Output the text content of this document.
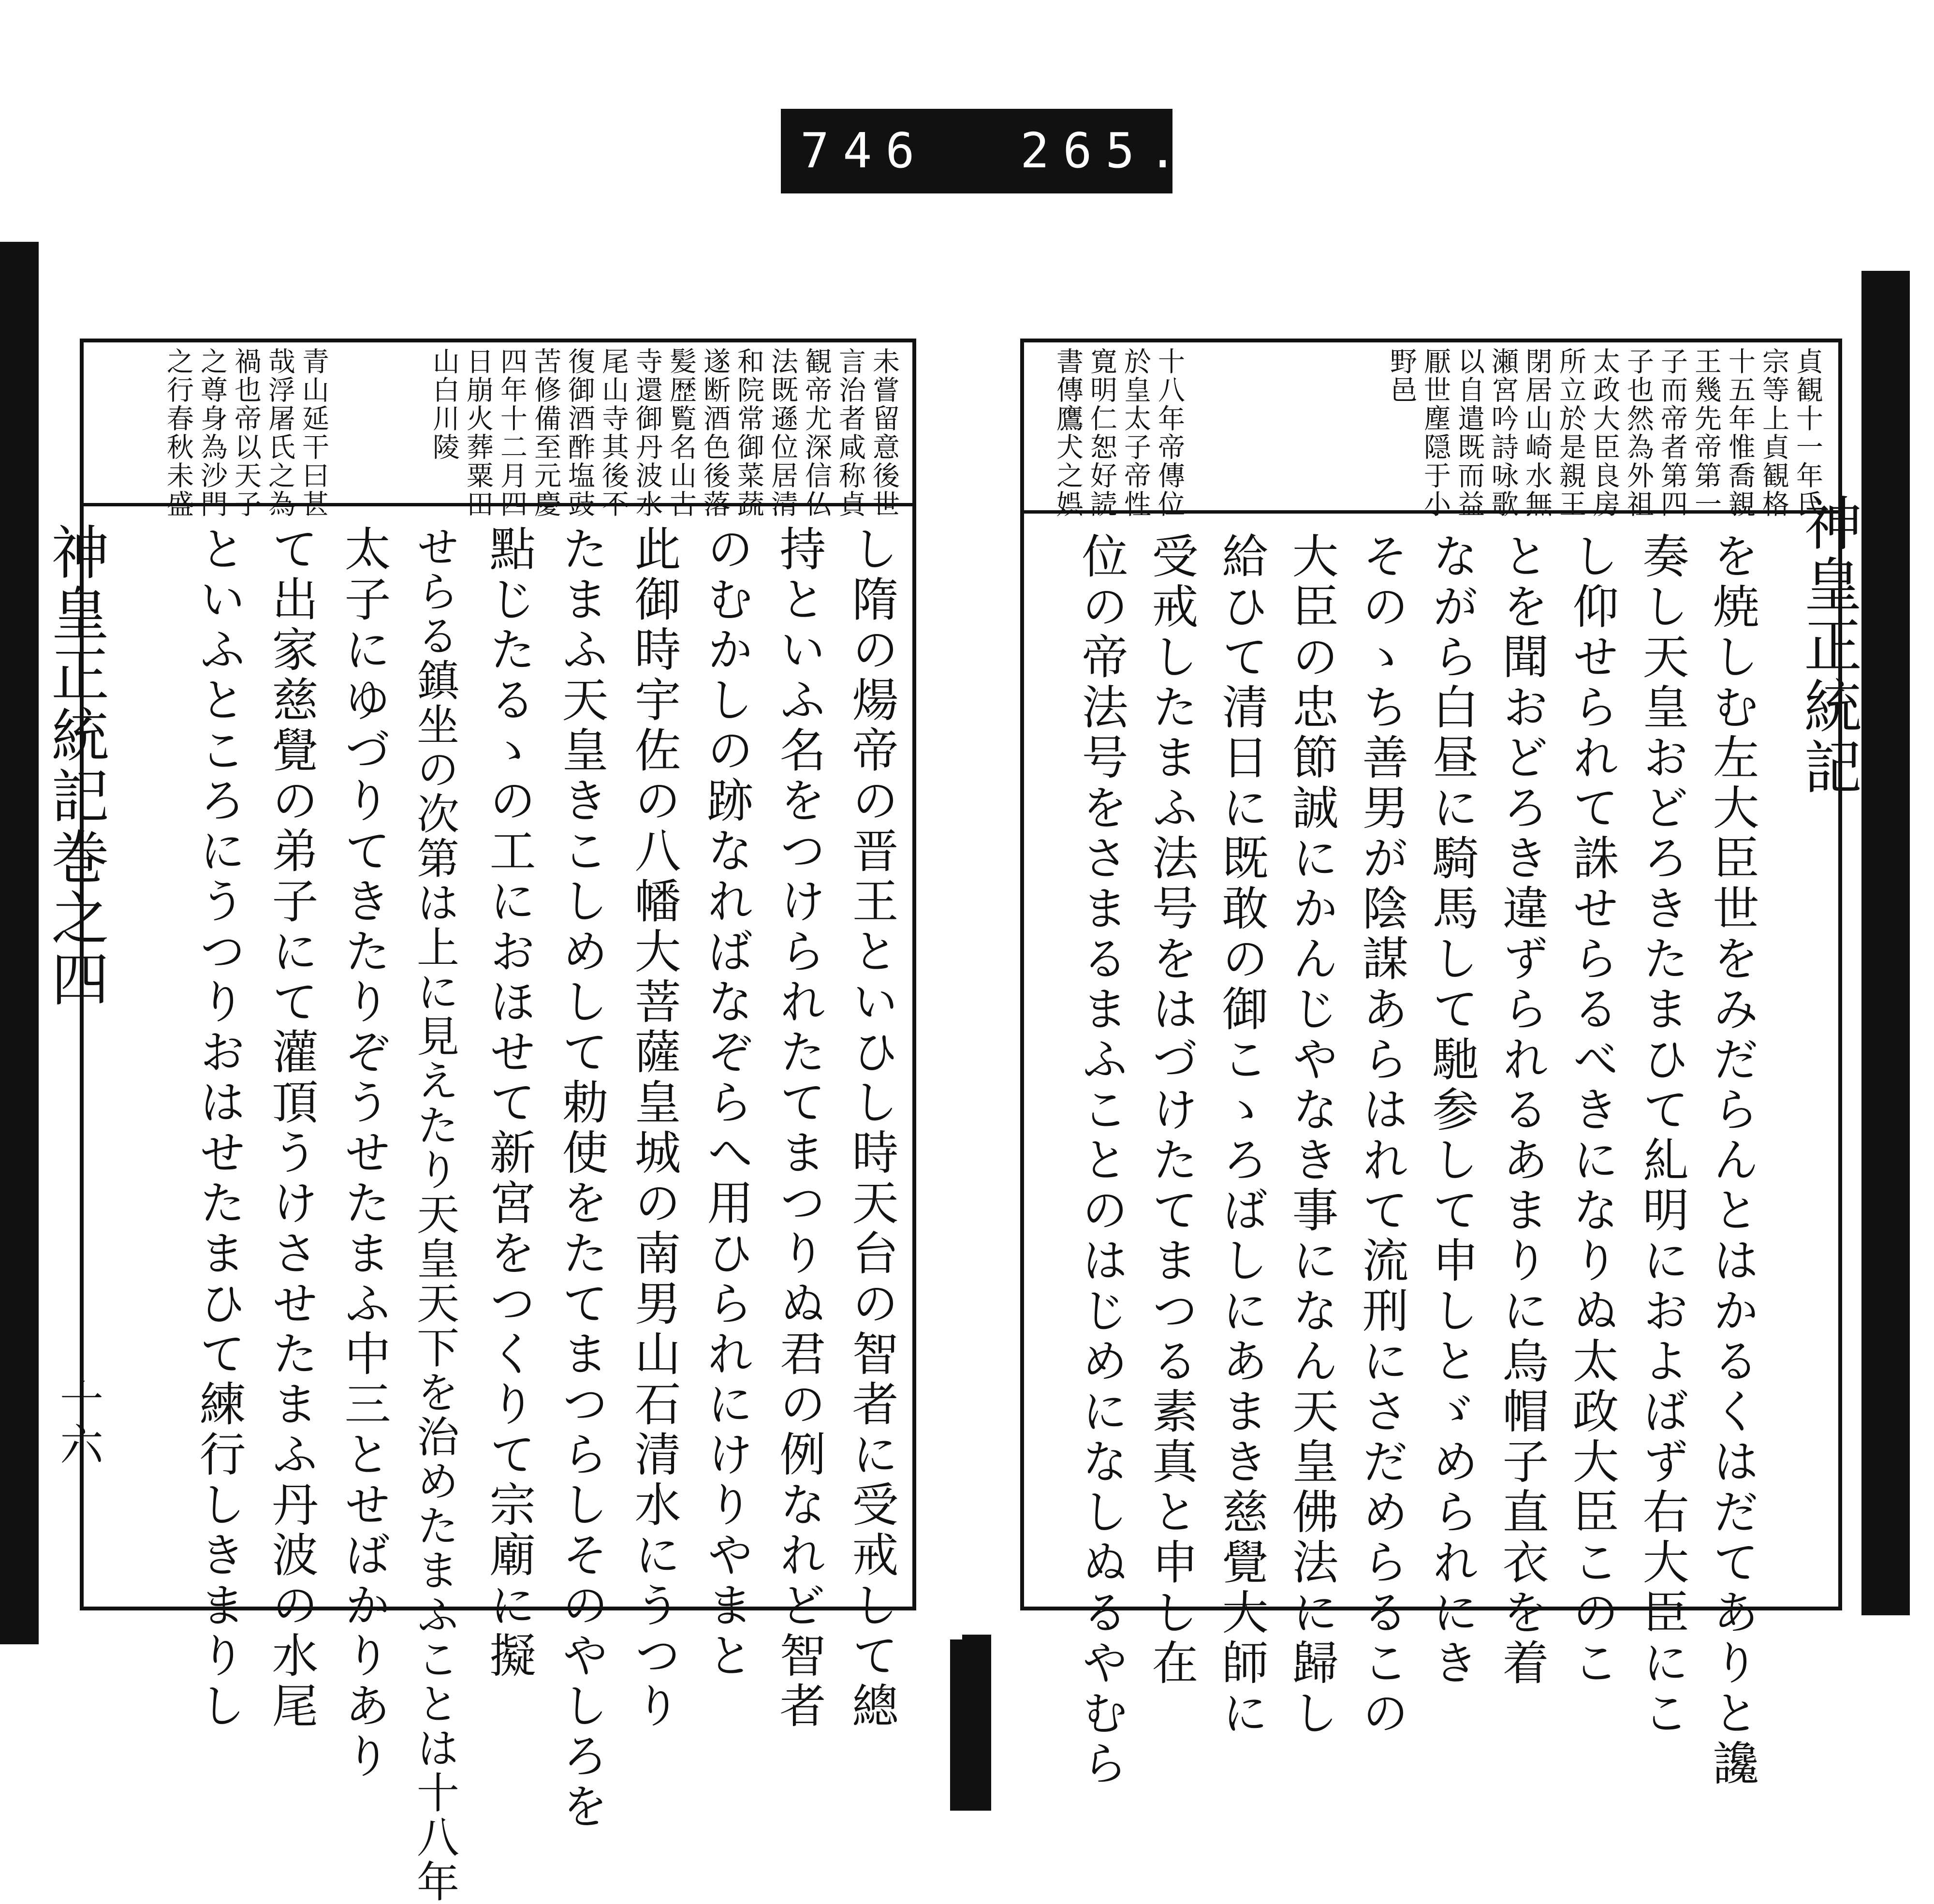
746 265.
神皇正統記
貞観十一年氏
宗等上貞観格
十五年惟喬親
王幾先帝第一
子而帝者第四
子也然為外祖
太政大臣良房
所立於是親王
閉居山崎水無
瀬宮吟詩咏歌
以自遣既而益
厭世塵隠于小
野邑
十八年帝傳位
於皇太子帝性
寛明仁恕好読
書傳鷹犬之娯
を焼しむ左大臣世をみだらんとはかるくはだてありと讒
奏し天皇おどろきたまひて糺明におよばず右大臣にこ
し仰せられて誅せらるべきになりぬ太政大臣このこ
とを聞おどろき違ずられるあまりに烏帽子直衣を着
ながら白昼に騎馬して馳参して申しとゞめられにき
そのゝち善男が陰謀あらはれて流刑にさだめらるこの
大臣の忠節誠にかんじやなき事になん天皇佛法に歸し
給ひて清日に既敢の御こゝろばしにあまき慈覺大師に
受戒したまふ法号をはづけたてまつる素真と申し在
位の帝法号をさまるまふことのはじめになしぬるやむら
未嘗留意後世
言治者咸称貞
観帝尤深信仏
法既遜位居清
和院常御菜蔬
遂断酒色後落
髪歴覧名山古
寺還御丹波水
尾山寺其後不
復御酒酢塩豉
苦修備至元慶
四年十二月四
日崩火葬粟田
山白川陵
青山延干曰甚
哉浮屠氏之為
禍也帝以天子
之尊身為沙門
之行春秋未盛
し隋の煬帝の晋王といひし時天台の智者に受戒して總
持といふ名をつけられたてまつりぬ君の例なれど智者
のむかしの跡なればなぞらへ用ひられにけりやまと
此御時宇佐の八幡大菩薩皇城の南男山石清水にうつり
たまふ天皇きこしめして勅使をたてまつらしそのやしろを
點じたるゝの工におほせて新宮をつくりて宗廟に擬
せらる鎮坐の次第は上に見えたり天皇天下を治めたまふことは十八年
太子にゆづりてきたりぞうせたまふ中三とせばかりあり
て出家慈覺の弟子にて灌頂うけさせたまふ丹波の水尾
といふところにうつりおはせたまひて練行しきまりし
神皇正統記巻之四
十六
